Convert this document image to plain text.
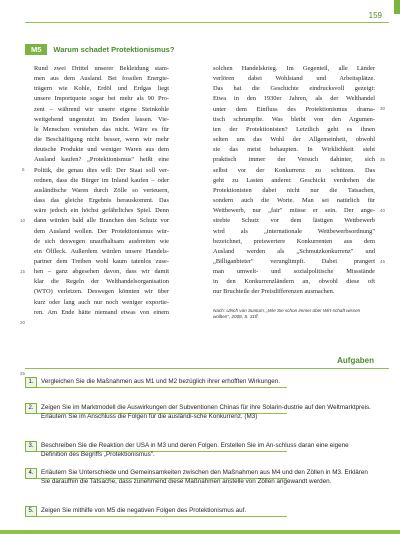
159
M5	Warum schadet Protektionismus?
Rund zwei Drittel unserer Bekleidung stam-
men aus dem Ausland. Bei fossilen Energie-
trägern wie Kohle, Erdöl und Erdgas liegt
unsere Importquote sogar bei mehr als 90 Pro-
zent – während wir unsere eigene Steinkohle
weitgehend ungenutzt im Boden lassen. Vie-
le Menschen verstehen das nicht. Wäre es für
die Beschäftigung nicht besser, wenn wir mehr
deutsche Produkte und weniger Waren aus dem
Ausland kaufen? „Protektionismus" heißt eine
Politik, die genau dies will: Der Staat soll ver-
ordnen, dass die Bürger im Inland kaufen – oder
ausländische Waren durch Zölle so verteuern,
dass das gleiche Ergebnis herauskommt. Das
wäre jedoch ein höchst gefährliches Spiel. Denn
dann würden bald alle Branchen den Schutz vor
dem Ausland wollen. Der Protektionismus wür-
de sich deswegen unaufhaltsam ausbreiten wie
ein Ölfleck. Außerdem würden unsere Handels-
partner dem Treiben wohl kaum tatenlos zuse-
hen – ganz abgesehen davon, dass wir damit
klar die Regeln der Welthandelsorganisation
(WTO) verletzen. Deswegen könnten wir über
kurz oder lang auch nur noch weniger exportie-
ren. Am Ende hätte niemand etwas von einem
5
10
15
20
25
solchen Handelskrieg. Im Gegenteil, alle Länder
verlören dabei Wohlstand und Arbeitsplätze.
Das hat die Geschichte eindrucksvoll gezeigt:
Etwa in den 1930er Jahren, als der Welthandel
unter dem Einfluss des Protektionismus drama-
tisch schrumpfte. Was bleibt von den Argumen-
ten der Protektionisten? Letztlich geht es ihnen
selten um das Wohl der Allgemeinheit, obwohl
sie das meist behaupten. In Wirklichkeit steht
praktisch immer der Versuch dahinter, sich
selbst vor der Konkurrenz zu schützen. Das
geht zu Lasten anderer. Geschickt verdrehen die
Protektionisten dabei nicht nur die Tatsachen,
sondern auch die Worte. Man sei natürlich für
Wettbewerb, nur „fair" müsse er sein. Der ange-
strebte Schutz vor dem lästigen Wettbewerb
wird als „internationale Wettbewerbsordnung"
bezeichnet, preiswertere Konkurrenten aus dem
Ausland werden als „Schmutzkonkurrenz" und
„Billiganbieter" verunglimpft. Dabei prangert
man umwelt- und sozialpolitische Missstände
in den Konkurrenzländern an, obwohl diese oft
nur Bruchteile der Preisdifferenzen ausmachen.
30
35
40
45
Nach: Ulrich van Suntum, „Wie Sie schon immer über Wirt-schaft wissen wollten", 2008, S. 31ff.
Aufgaben
1.	Vergleichen Sie die Maßnahmen aus M1 und M2 bezüglich ihrer erhofften Wirkungen.
2.	Zeigen Sie im Marktmodell die Auswirkungen der Subventionen Chinas für ihre Solarin-dustrie auf den Weltmarktpreis. Erläutern Sie im Anschluss die Folgen für die ausländi-sche Konkurrenz. (M3)
3.	Beschreiben Sie die Reaktion der USA in M3 und deren Folgen. Erstellen Sie im An-schluss daran eine eigene Definition des Begriffs „Protektionismus".
4.	Erläutern Sie Unterschiede und Gemeinsamkeiten zwischen den Maßnahmen aus M4 und den Zöllen in M3. Erklären Sie daraufhin die Tatsache, dass zunehmend diese Maßnahmen anstelle von Zöllen angewandt werden.
5.	Zeigen Sie mithilfe von M5 die negativen Folgen des Protektionismus auf.
